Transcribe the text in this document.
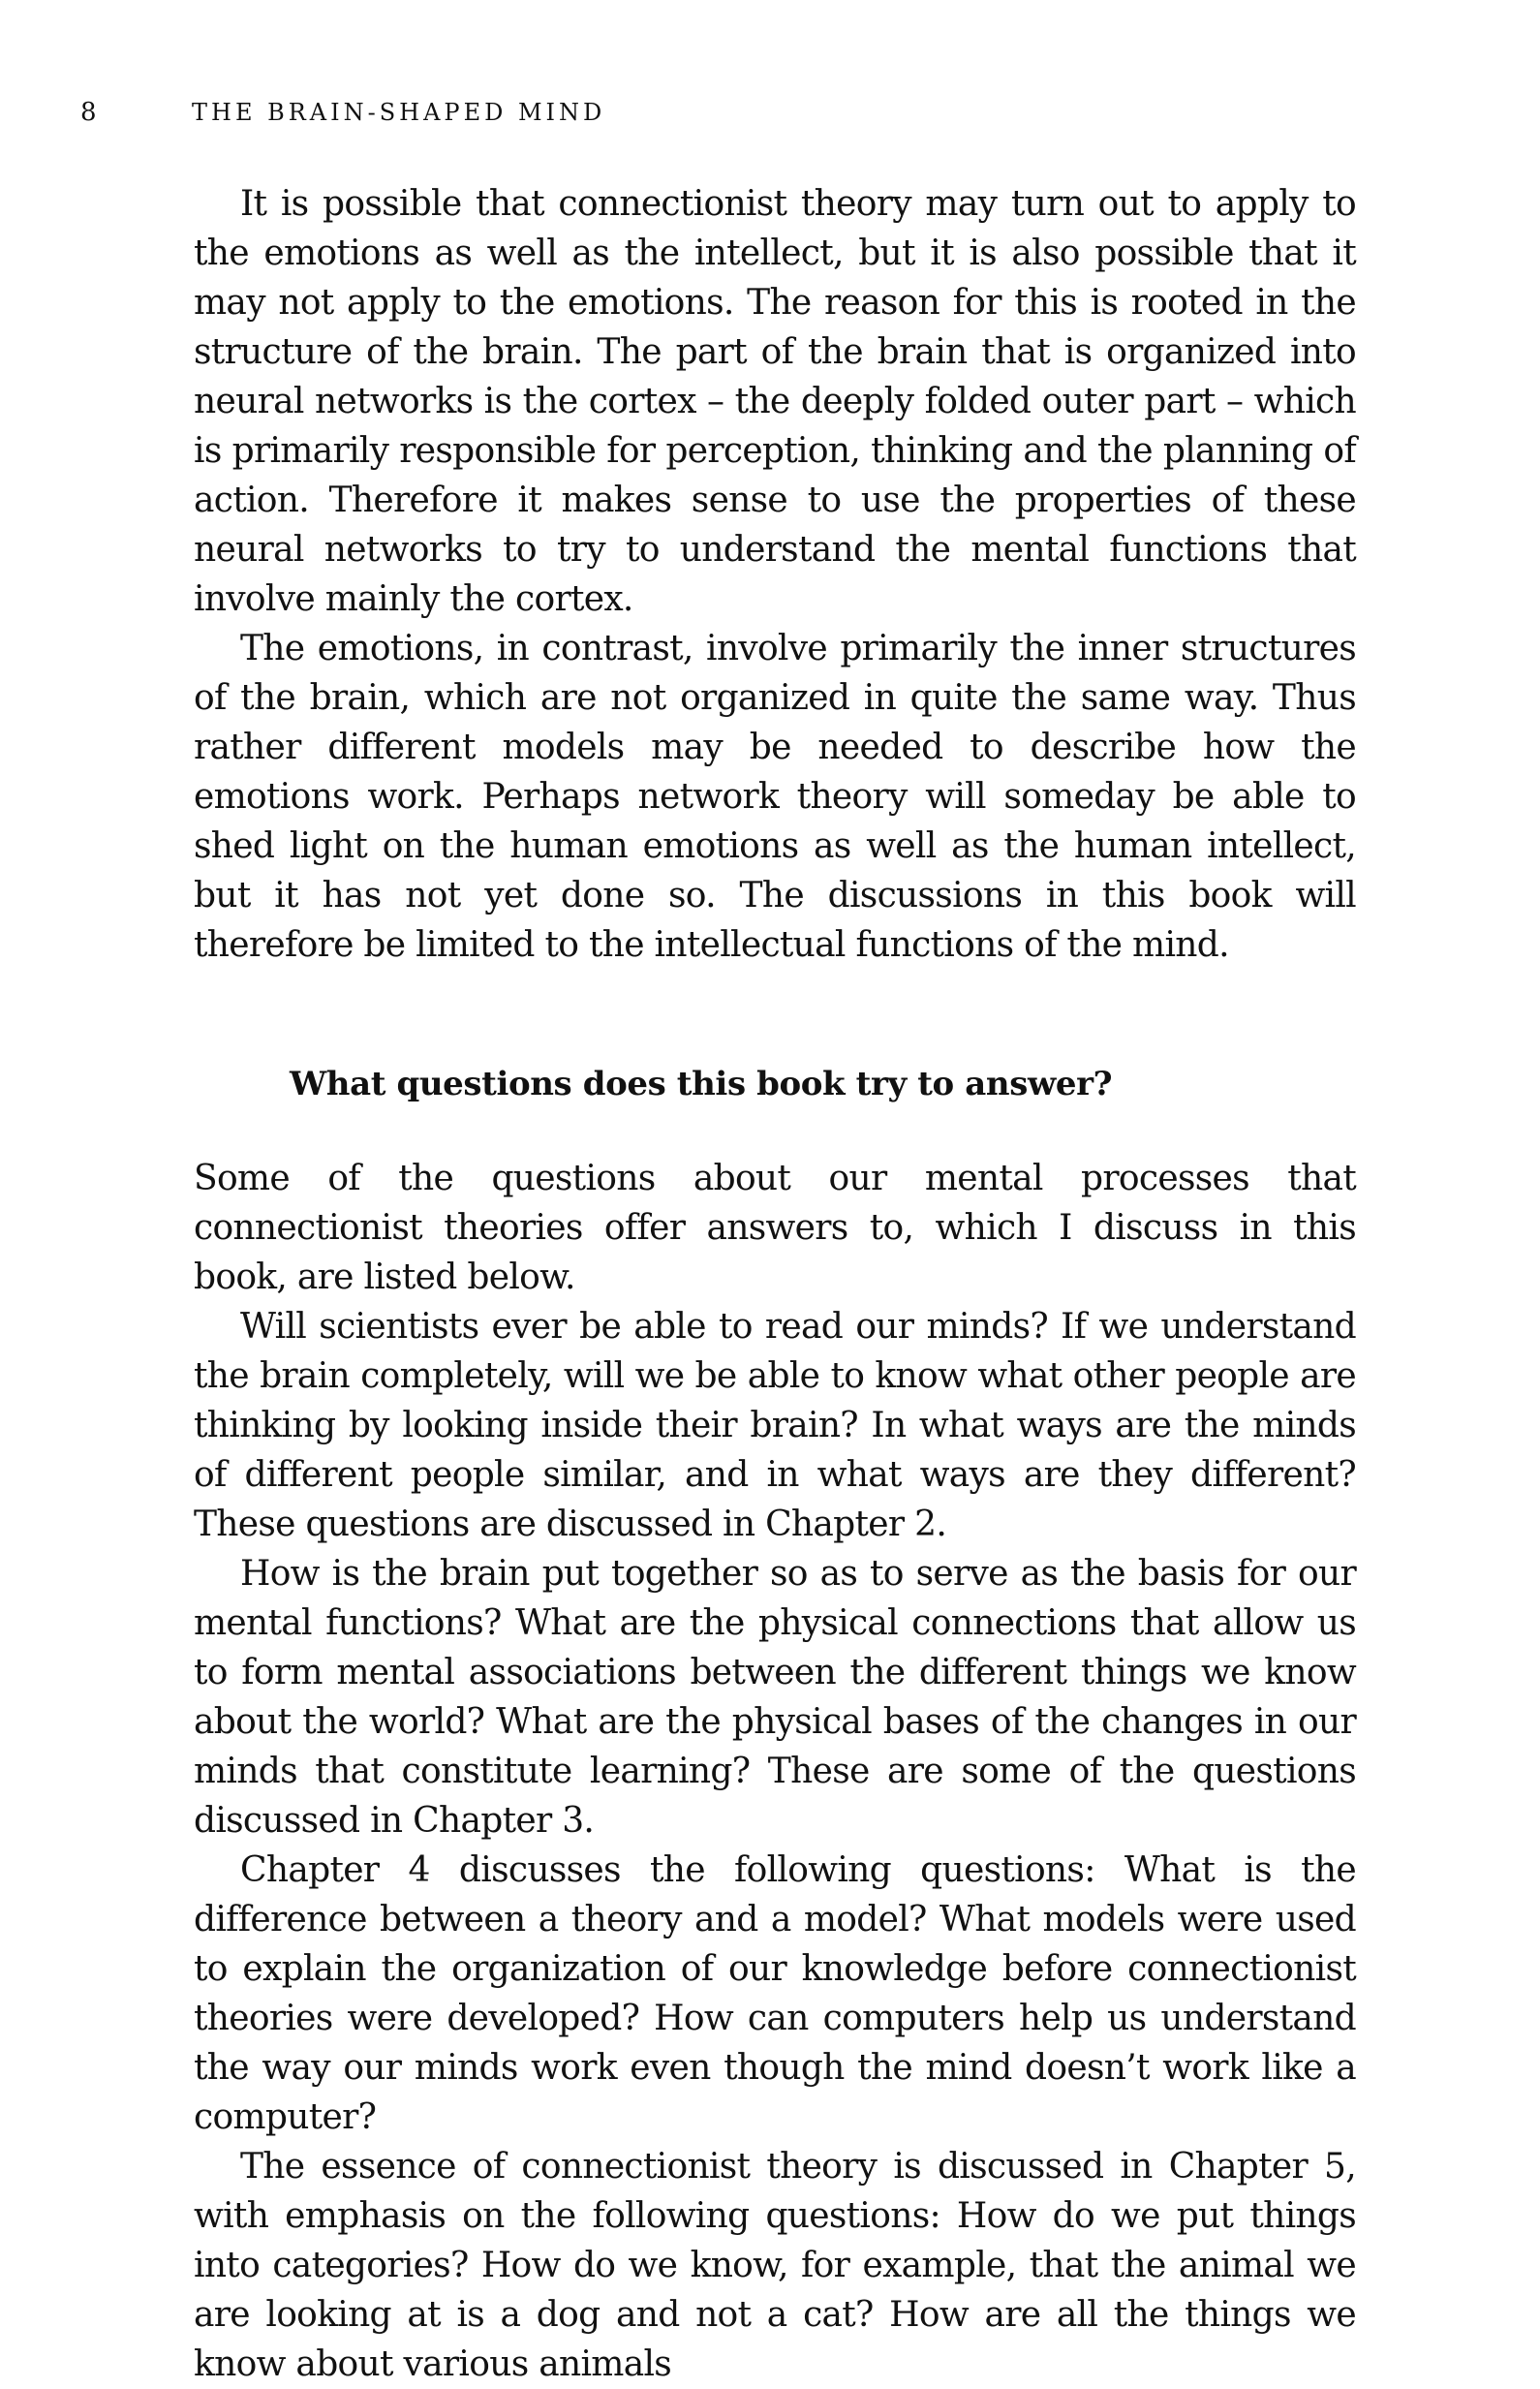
8	THE BRAIN-SHAPED MIND

It is possible that connectionist theory may turn out to apply to the emotions as well as the intellect, but it is also possible that it may not apply to the emotions. The reason for this is rooted in the structure of the brain. The part of the brain that is organized into neural networks is the cortex – the deeply folded outer part – which is primarily responsible for perception, thinking and the planning of action. Therefore it makes sense to use the properties of these neural networks to try to understand the mental functions that involve mainly the cortex.

The emotions, in contrast, involve primarily the inner structures of the brain, which are not organized in quite the same way. Thus rather different models may be needed to describe how the emotions work. Perhaps network theory will someday be able to shed light on the human emotions as well as the human intellect, but it has not yet done so. The discussions in this book will therefore be limited to the intellectual functions of the mind.

What questions does this book try to answer?

Some of the questions about our mental processes that connectionist theories offer answers to, which I discuss in this book, are listed below.

Will scientists ever be able to read our minds? If we understand the brain completely, will we be able to know what other people are thinking by looking inside their brain? In what ways are the minds of different people similar, and in what ways are they different? These questions are discussed in Chapter 2.

How is the brain put together so as to serve as the basis for our mental functions? What are the physical connections that allow us to form mental associations between the different things we know about the world? What are the physical bases of the changes in our minds that constitute learning? These are some of the questions discussed in Chapter 3.

Chapter 4 discusses the following questions: What is the difference between a theory and a model? What models were used to explain the organization of our knowledge before connectionist theories were developed? How can computers help us understand the way our minds work even though the mind doesn’t work like a computer?

The essence of connectionist theory is discussed in Chapter 5, with emphasis on the following questions: How do we put things into categories? How do we know, for example, that the animal we are looking at is a dog and not a cat? How are all the things we know about various animals
